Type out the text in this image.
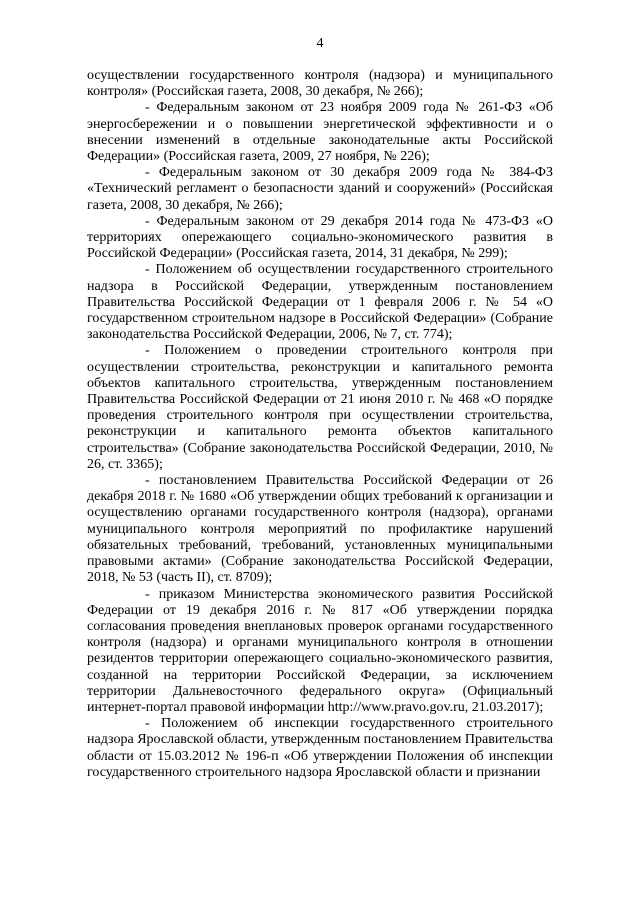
4

осуществлении государственного контроля (надзора) и муниципального контроля» (Российская газета, 2008, 30 декабря, № 266);

- Федеральным законом от 23 ноября 2009 года № 261-ФЗ «Об энергосбережении и о повышении энергетической эффективности и о внесении изменений в отдельные законодательные акты Российской Федерации» (Российская газета, 2009, 27 ноября, № 226);

- Федеральным законом от 30 декабря 2009 года № 384-ФЗ «Технический регламент о безопасности зданий и сооружений» (Российская газета, 2008, 30 декабря, № 266);

- Федеральным законом от 29 декабря 2014 года № 473-ФЗ «О территориях опережающего социально-экономического развития в Российской Федерации» (Российская газета, 2014, 31 декабря, № 299);

- Положением об осуществлении государственного строительного надзора в Российской Федерации, утвержденным постановлением Правительства Российской Федерации от 1 февраля 2006 г. № 54 «О государственном строительном надзоре в Российской Федерации» (Собрание законодательства Российской Федерации, 2006, № 7, ст. 774);

- Положением о проведении строительного контроля при осуществлении строительства, реконструкции и капитального ремонта объектов капитального строительства, утвержденным постановлением Правительства Российской Федерации от 21 июня 2010 г. № 468 «О порядке проведения строительного контроля при осуществлении строительства, реконструкции и капитального ремонта объектов капитального строительства» (Собрание законодательства Российской Федерации, 2010, № 26, ст. 3365);

- постановлением Правительства Российской Федерации от 26 декабря 2018 г. № 1680 «Об утверждении общих требований к организации и осуществлению органами государственного контроля (надзора), органами муниципального контроля мероприятий по профилактике нарушений обязательных требований, требований, установленных муниципальными правовыми актами» (Собрание законодательства Российской Федерации, 2018, № 53 (часть II), ст. 8709);

- приказом Министерства экономического развития Российской Федерации от 19 декабря 2016 г. № 817 «Об утверждении порядка согласования проведения внеплановых проверок органами государственного контроля (надзора) и органами муниципального контроля в отношении резидентов территории опережающего социально-экономического развития, созданной на территории Российской Федерации, за исключением территории Дальневосточного федерального округа» (Официальный интернет-портал правовой информации http://www.pravo.gov.ru, 21.03.2017);

- Положением об инспекции государственного строительного надзора Ярославской области, утвержденным постановлением Правительства области от 15.03.2012 № 196-п «Об утверждении Положения об инспекции государственного строительного надзора Ярославской области и признании
